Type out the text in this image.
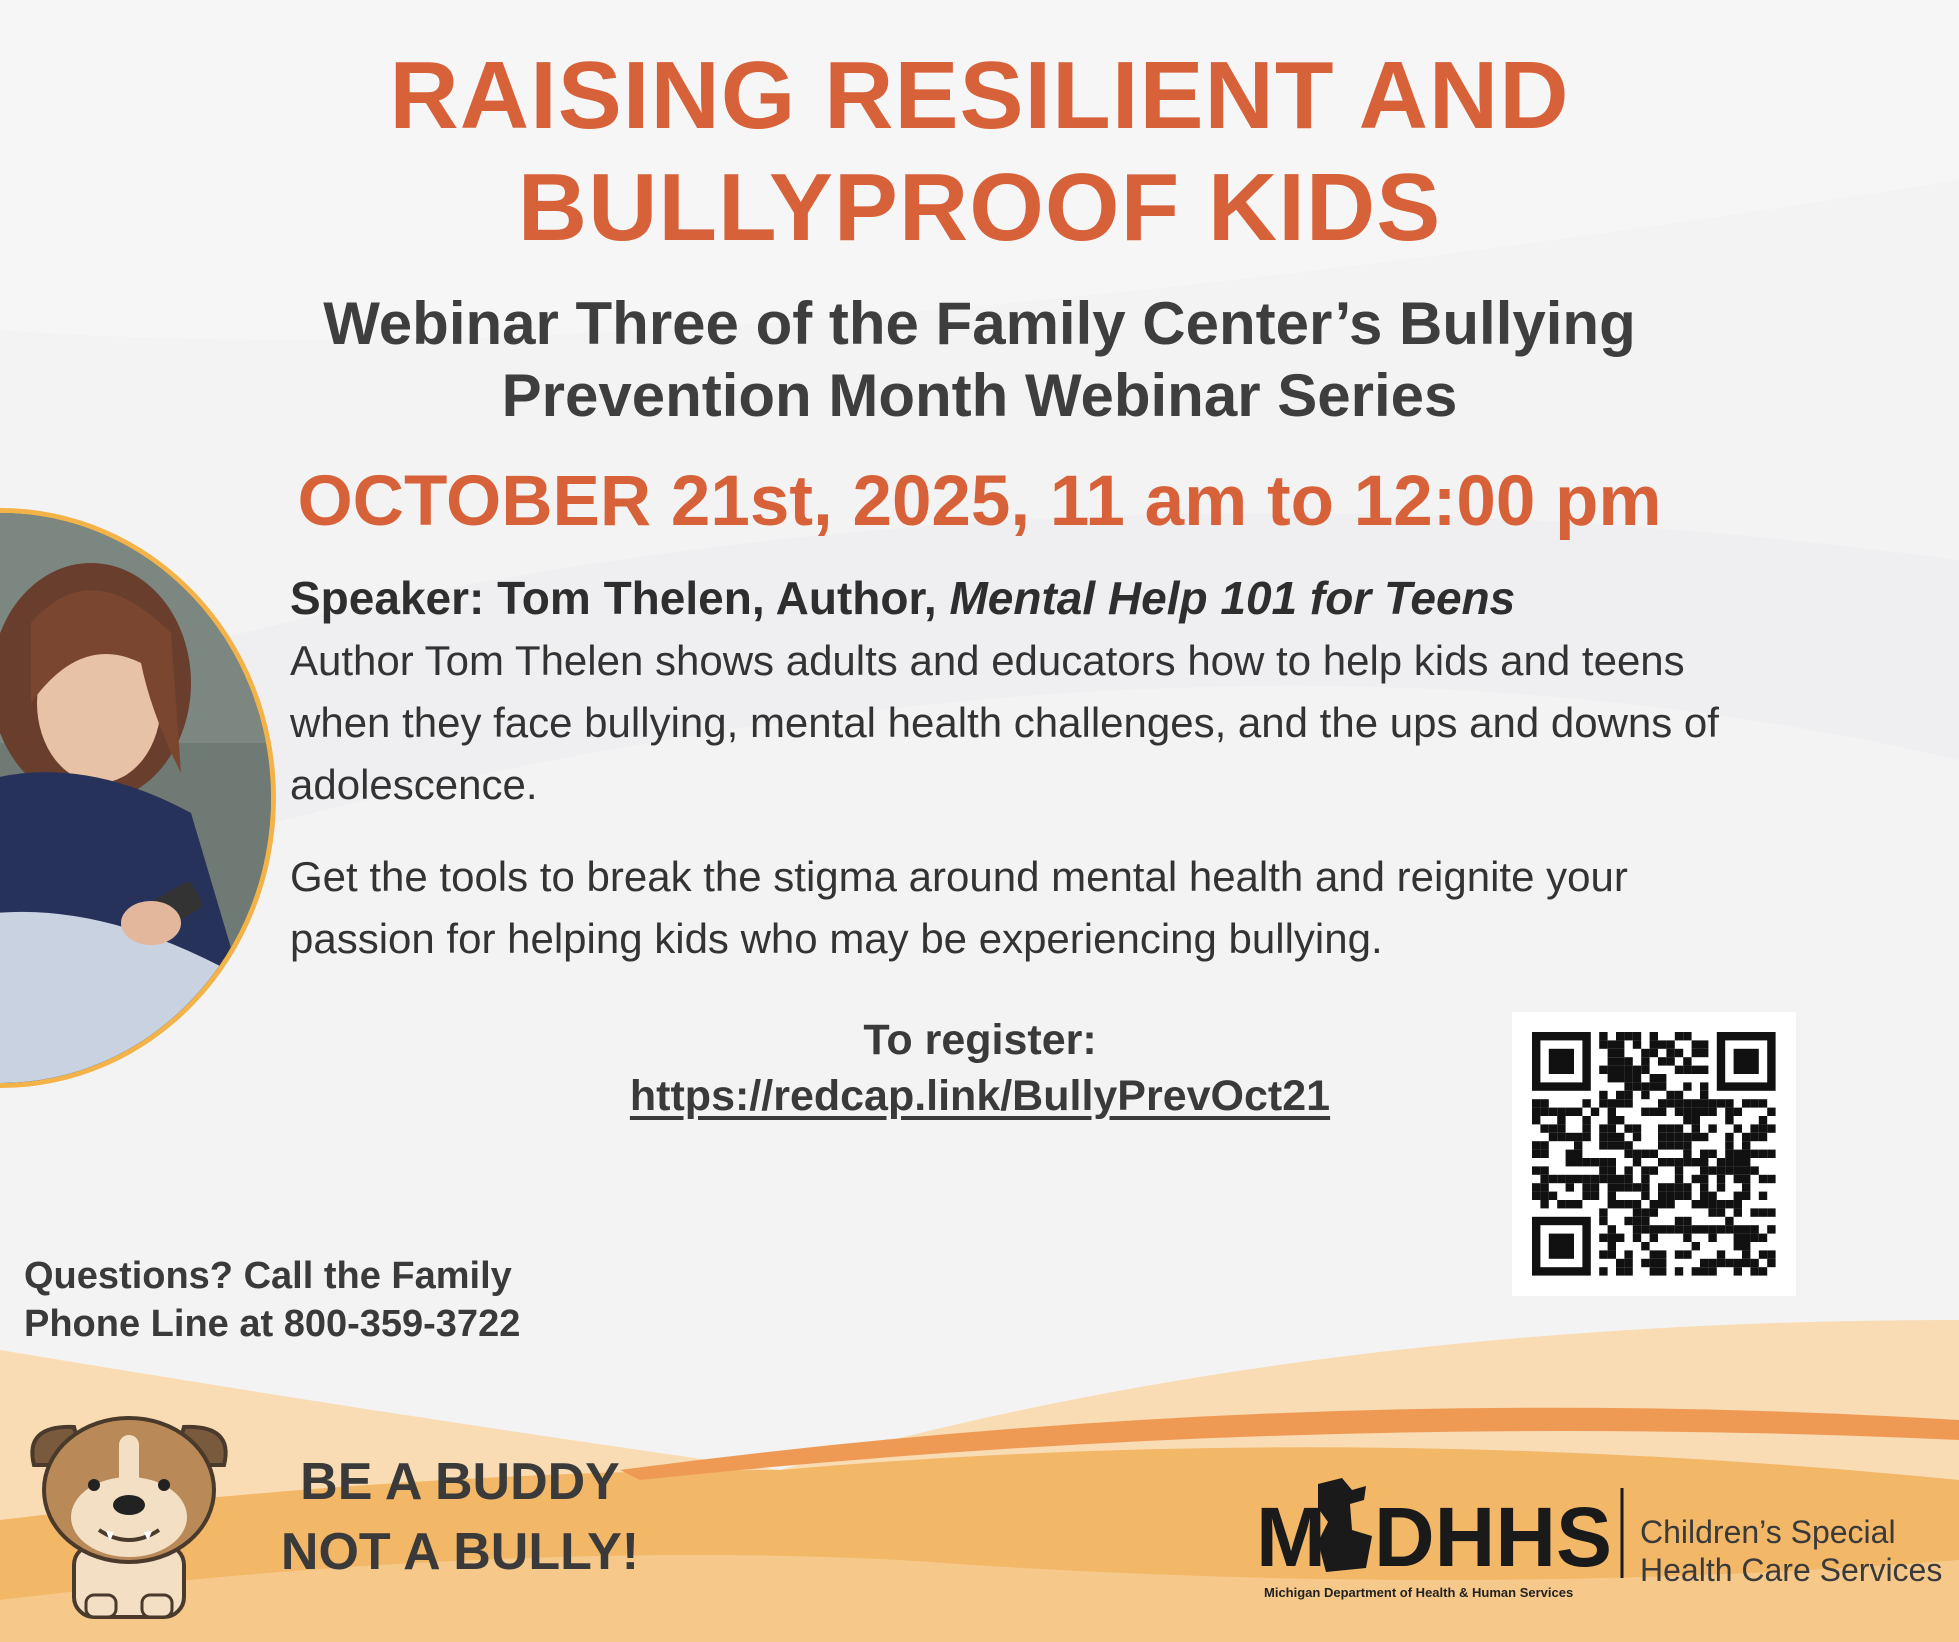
RAISING RESILIENT AND
BULLYPROOF KIDS
Webinar Three of the Family Center’s Bullying
Prevention Month Webinar Series
OCTOBER 21st, 2025, 11 am to 12:00 pm
Speaker: Tom Thelen, Author, Mental Help 101 for Teens
Author Tom Thelen shows adults and educators how to help kids and teens when they face bullying, mental health challenges, and the ups and downs of adolescence.
Get the tools to break the stigma around mental health and reignite your passion for helping kids who may be experiencing bullying.
To register:
https://redcap.link/BullyPrevOct21
Questions? Call the Family
Phone Line at 800-359-3722
BE A BUDDY
NOT A BULLY!	M DHHS
Michigan Department of Health & Human Services
Children’s Special
Health Care Services
